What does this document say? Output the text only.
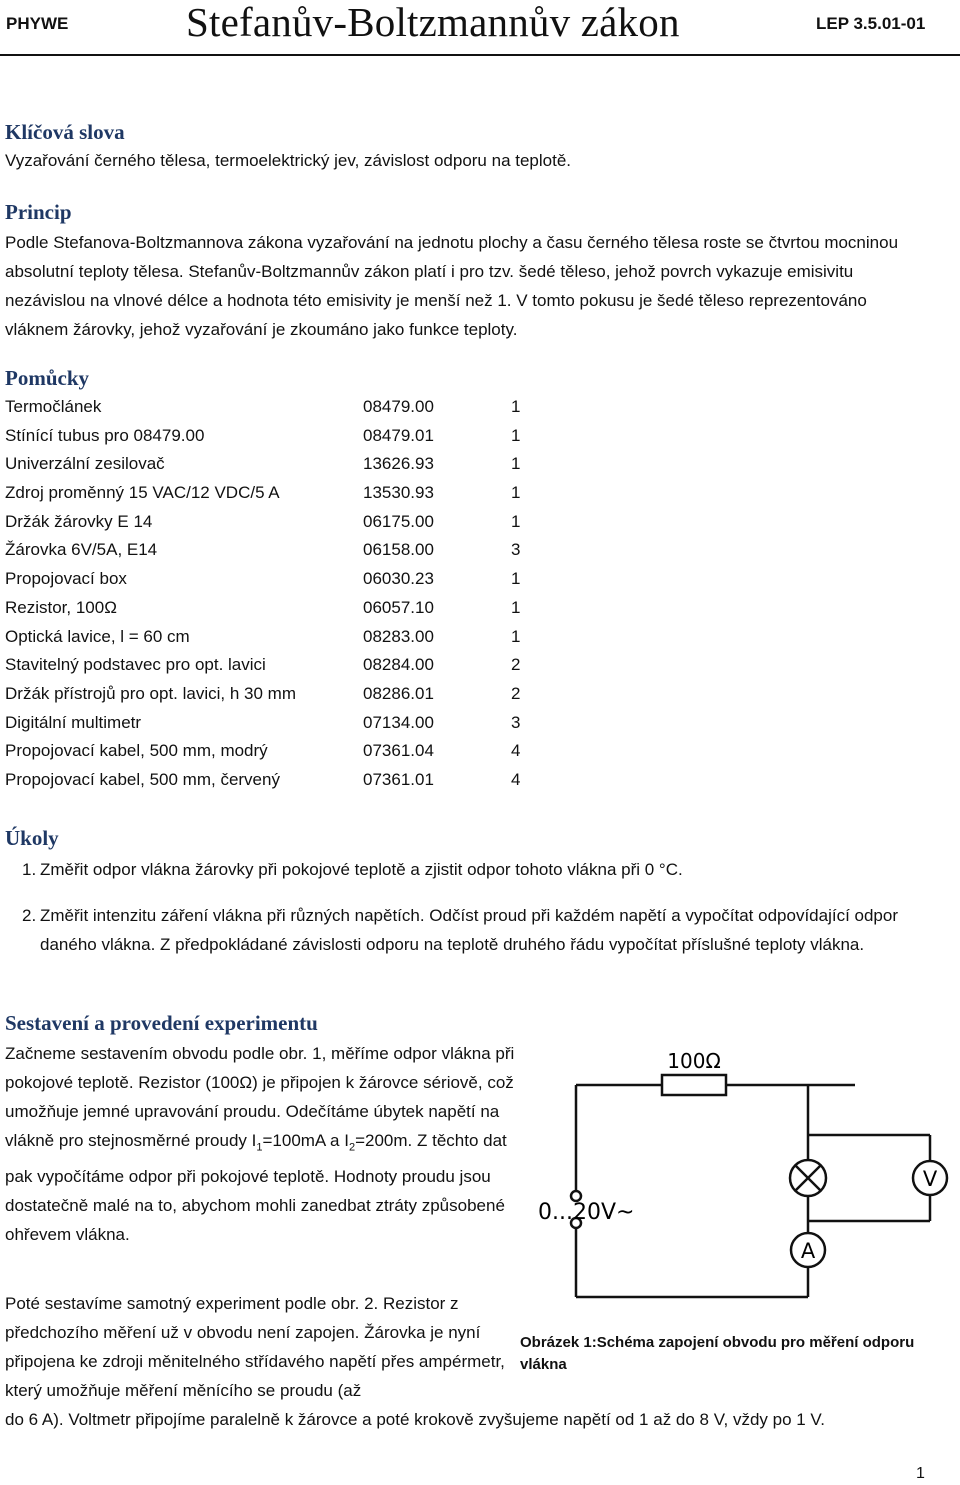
PHYWE	Stefanův-Boltzmannův zákon	LEP 3.5.01-01
Klíčová slova

Vyzařování černého tělesa, termoelektrický jev, závislost odporu na teplotě.

Princip

Podle Stefanova-Boltzmannova zákona vyzařování na jednotu plochy a času černého tělesa roste se čtvrtou mocninou absolutní teploty tělesa. Stefanův-Boltzmannův zákon platí i pro tzv. šedé těleso, jehož povrch vykazuje emisivitu nezávislou na vlnové délce a hodnota této emisivity je menší než 1. V tomto pokusu je šedé těleso reprezentováno vláknem žárovky, jehož vyzařování je zkoumáno jako funkce teploty.

Pomůcky
Termočlánek	08479.00	1
Stínící tubus pro 08479.00	08479.01	1
Univerzální zesilovač	13626.93	1
Zdroj proměnný 15 VAC/12 VDC/5 A	13530.93	1
Držák žárovky E 14	06175.00	1
Žárovka 6V/5A, E14	06158.00	3
Propojovací box	06030.23	1
Rezistor, 100Ω	06057.10	1
Optická lavice, l = 60 cm	08283.00	1
Stavitelný podstavec pro opt. lavici	08284.00	2
Držák přístrojů pro opt. lavici, h 30 mm	08286.01	2
Digitální multimetr	07134.00	3
Propojovací kabel, 500 mm, modrý	07361.04	4
Propojovací kabel, 500 mm, červený	07361.01	4
Úkoly
1. Změřit odpor vlákna žárovky při pokojové teplotě a zjistit odpor tohoto vlákna při 0 °C.
2. Změřit intenzitu záření vlákna při různých napětích. Odčíst proud při každém napětí a vypočítat odpovídající odpor daného vlákna. Z předpokládané závislosti odporu na teplotě druhého řádu vypočítat příslušné teploty vlákna.
Sestavení a provedení experimentu

Začneme sestavením obvodu podle obr. 1, měříme odpor vlákna při pokojové teplotě. Rezistor (100Ω) je připojen k žárovce sériově, což umožňuje jemné upravování proudu. Odečítáme úbytek napětí na vlákně pro stejnosměrné proudy $I_1=100mA$ a $I_2=200m$. Z těchto dat pak vypočítáme odpor při pokojové teplotě. Hodnoty proudu jsou dostatečně malé na to, abychom mohli zanedbat ztráty způsobené ohřevem vlákna.

Poté sestavíme samotný experiment podle obr. 2. Rezistor z předchozího měření už v obvodu není zapojen. Žárovka je nyní připojena ke zdroji měnitelného střídavého napětí přes ampérmetr, který umožňuje měření měnícího se proudu (až

do 6 A). Voltmetr připojíme paralelně k žárovce a poté krokově zvyšujeme napětí od 1 až do 8 V, vždy po 1 V.

100Ω
V
A
0...20V~
Obrázek 1:Schéma zapojení obvodu pro měření odporu vlákna
1
